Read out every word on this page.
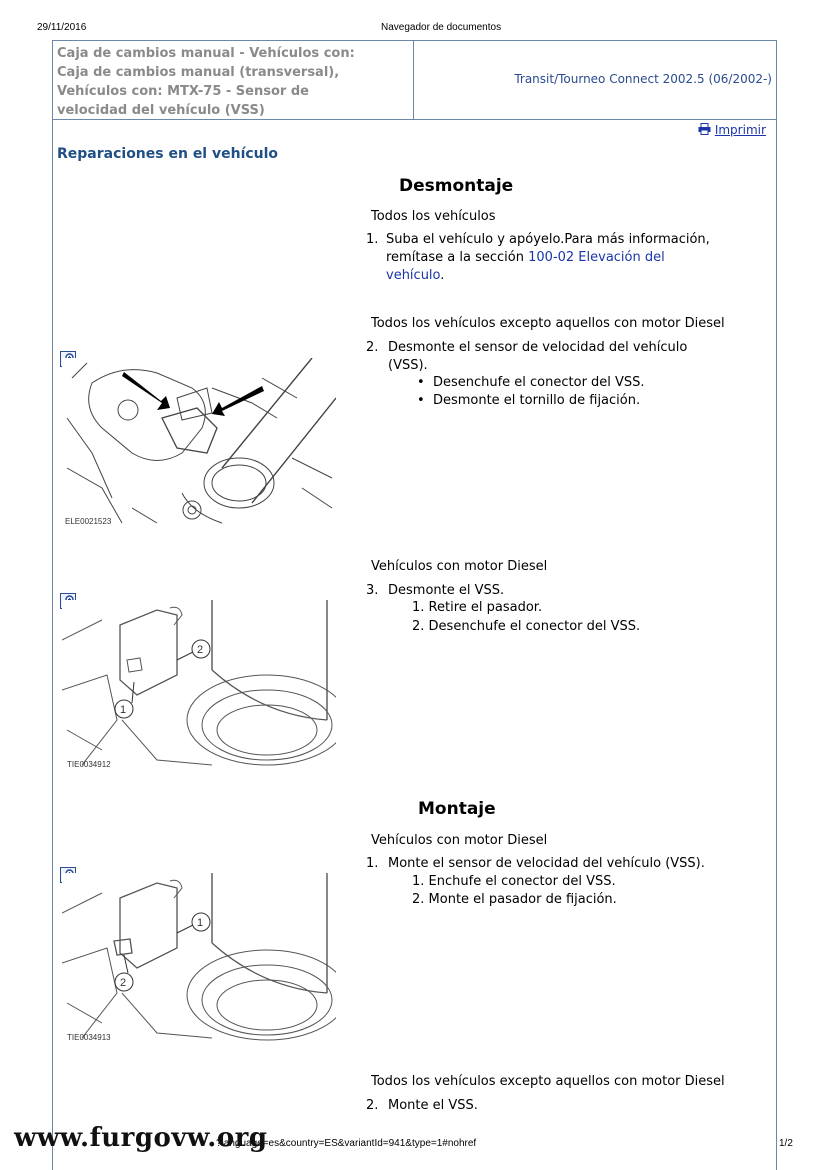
29/11/2016	Navegador de documentos
Caja de cambios manual - Vehículos con:
Caja de cambios manual (transversal),
Vehículos con: MTX-75 - Sensor de
velocidad del vehículo (VSS)
Transit/Tourneo Connect 2002.5 (06/2002-)
Imprimir
Reparaciones en el vehículo
Desmontaje
Todos los vehículos
1. Suba el vehículo y apóyelo.Para más información,
remítase a la sección 100-02 Elevación del
vehículo.
Todos los vehículos excepto aquellos con motor Diesel
2. Desmonte el sensor de velocidad del vehículo
(VSS).
•  Desenchufe el conector del VSS.
•  Desmonte el tornillo de fijación.
ELE0021523
Vehículos con motor Diesel
3. Desmonte el VSS.
1. Retire el pasador.
2. Desenchufe el conector del VSS.
2
1
TIE0034912
Montaje
Vehículos con motor Diesel
1. Monte el sensor de velocidad del vehículo (VSS).
1. Enchufe el conector del VSS.
2. Monte el pasador de fijación.
1
2
TIE0034913
Todos los vehículos excepto aquellos con motor Diesel
2. Monte el VSS.
?language=es&country=ES&variantId=941&type=1#nohref	1/2
www.furgovw.org
